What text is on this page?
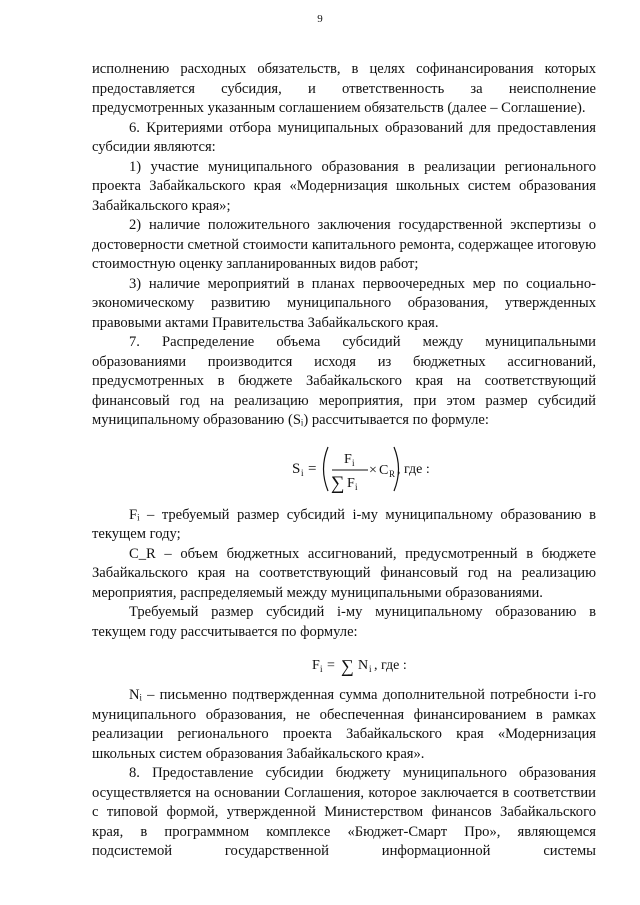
9

исполнению расходных обязательств, в целях софинансирования которых предоставляется субсидия, и ответственность за неисполнение предусмотренных указанным соглашением обязательств (далее – Соглашение).

6. Критериями отбора муниципальных образований для предоставления субсидии являются:

1) участие муниципального образования в реализации регионального проекта Забайкальского края «Модернизация школьных систем образования Забайкальского края»;

2) наличие положительного заключения государственной экспертизы о достоверности сметной стоимости капитального ремонта, содержащее итоговую стоимостную оценку запланированных видов работ;

3) наличие мероприятий в планах первоочередных мер по социально-экономическому развитию муниципального образования, утвержденных правовыми актами Правительства Забайкальского края.

7. Распределение объема субсидий между муниципальными образованиями производится исходя из бюджетных ассигнований, предусмотренных в бюджете Забайкальского края на соответствующий финансовый год на реализацию мероприятия, при этом размер субсидий муниципальному образованию (Sᵢ) рассчитывается по формуле:

S i =
F i
∑ F i
× C R , где :

Fᵢ – требуемый размер субсидий i-му муниципальному образованию в текущем году;

C_R – объем бюджетных ассигнований, предусмотренный в бюджете Забайкальского края на соответствующий финансовый год на реализацию мероприятия, распределяемый между муниципальными образованиями.

Требуемый размер субсидий i-му муниципальному образованию в текущем году рассчитывается по формуле:

F i = ∑ N i , где :

Nᵢ – письменно подтвержденная сумма дополнительной потребности i-го муниципального образования, не обеспеченная финансированием в рамках реализации регионального проекта Забайкальского края «Модернизация школьных систем образования Забайкальского края».

8. Предоставление субсидии бюджету муниципального образования осуществляется на основании Соглашения, которое заключается в соответствии с типовой формой, утвержденной Министерством финансов Забайкальского края, в программном комплексе «Бюджет-Смарт Про», являющемся подсистемой государственной информационной системы
